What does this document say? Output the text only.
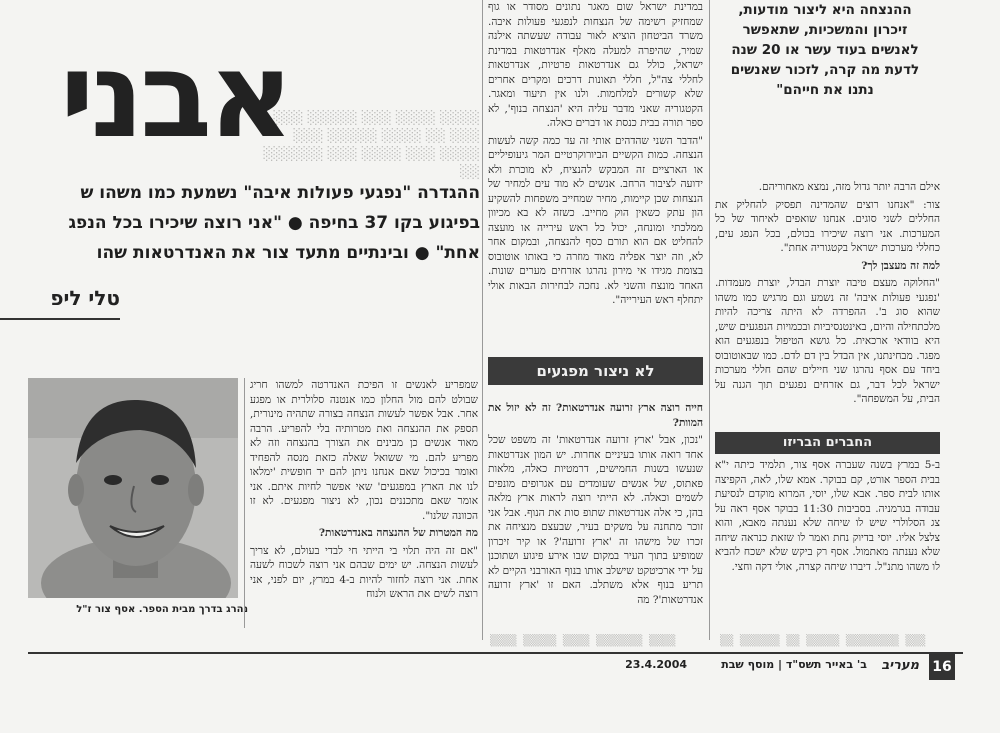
░░░ ░░░░░ ░░░ ░░░░ ░░░░ ░░░ ░░░░░ ░░░░ ░░ ░░░ ░░░░░░ ░░░ ░░░░ ░░░ ░░░░ ░░
אבני
ההגדרה "נפגעי פעולות איבה" נשמעת כמו משהו ש
בפיגוע בקו 37 בחיפה ● "אני רוצה שיכירו בכל הנפג
אחת" ● ובינתיים מתעד צור את האנדרטאות שהו
טלי ליפ
נהרג בדרך מבית הספר. אסף צור ז"ל
ההנצחה היא ליצור מודעות, זיכרון והמשכיות, שתאפשר לאנשים בעוד עשר או 20 שנה לדעת מה קרה, לזכור שאנשים נתנו את חייהם"

שמפריע לאנשים זו הפיכת האנדרטה למשהו חריג שבולט להם מול החלון כמו אנטנה סלולרית או מפגע אחר. אבל אפשר לעשות הנצחה בצורה שתהיה מינורית, תספק את ההנצחה ואת מטרותיה בלי להפריע. הרבה מאוד אנשים כן מבינים את הצורך בהנצחה וזה לא מפריע להם. מי ששואל שאלה כזאת מנסה להפחיד ואומר בכיכול שאם אנחנו ניתן להם יד חופשית 'ימלאו לנו את הארץ במפגעים' שאי אפשר לחיות איתם. אני אומר שאם מתכננים נכון, לא ניצור מפגעים. לא זו הכוונה שלנו".

מה המטרות של ההנצחה באנדרטאות?

"אם זה היה תלוי בי הייתי חי לבדי בעולם, לא צריך לעשות הנצחה. יש ימים שבהם אני רוצה לשכוח לשעה אחת. אני רוצה לחזור להיות ב-4 במרץ, יום לפני, אני רוצה לשים את הראש ולנוח

במדינת ישראל שום מאגר נתונים מסודר או גוף שמחזיק רשימה של הנצחות לנפגעי פעולות איבה. משרד הביטחון הוציא לאור עבודה שעשתה אילנה שמיר, שהיפרה למעלה מאלף אנדרטאות במדינת ישראל, כולל גם אנדרטאות פרטיות, אנדרטאות לחללי צה"ל, חללי תאונות דרכים ומקרים אחרים שלא קשורים למלחמות. ולנו אין תיעוד ומאגר. הקטגוריה שאני מדבר עליה היא 'הנצחה בנוף', לא ספר תורה בבית כנסת או דברים כאלה.

"הדבר השני שהדהים אותי זה עד כמה קשה לעשות הנצחה. כמות הקשיים הביורוקרטיים המר גיעופיליים או הארציים זה המבקש להנציח, לא מוכרת ולא ידועה לציבור הרחב. אנשים לא מוד עים למחיר של הנצחות שכן קיימות, מחיר שמחייב משפחות להשקיע הון עתק כשאין הוק מחייב. כשזה לא בא מכיוון ממלכתי ומונחה, יכול כל ראש עירייה או מועצה להחליט אם הוא תורם כסף להנצחה, ובמקום אחר לא, וזה יוצר אפליה מאוד מוזרה כי באותו אוטובוס בצומת מגידו אי מירון נהרגו אזרחים מערים שונות. האחד מונצח והשני לא. נחכה לבחירות הבאות אולי יתחלף ראש העירייה".

לא ניצור מפגעים

חייה רוצה ארץ זרועה אנדרטאות? זה לא יזול את המוות?

"נכון, אבל 'ארץ זרועה אנדרטאות' זה משפט שכל אחד רואה אותו בעיניים אחרות. יש המון אנדרטאות שנעשו בשנות החמישים, דרמטיות כאלה, מלאות פאתוס, של אנשים שעומדים עם אגרופים מונפים לשמים וכאלה. לא הייתי רוצה לראות ארץ מלאה בהן, כי אלה אנדרטאות שתופ סות את הנוף. אבל אני זוכר מתחנה על משקים בעיר, שבעצם מנציחה את זכרו של מישהו זה 'ארץ זרועה'? או קיר זיכרון שמופיע בתוך העיר במקום שבו אירע פיגוע ושתוכנן על ידי ארכיטקט שישלב אותו בנוף האורבני הקיים לא תריע בנוף אלא משתלב. האם זו 'ארץ זרועה אנדרטאות'? מה

אילם הרבה יותר גדול מזה, נמצא מאחוריהם.

צור: "אנחנו רוצים שהמדינה תפסיק להחליק את החללים לשני סוגים. אנחנו שואפים לאיחוד של כל המערכות. אני רוצה שיכירו בכולם, בכל הנפג עים, כחללי מערכות ישראל בקטגוריה אחת".

למה זה מעצבן לך?

"החלוקה מעצם טיבה יוצרת הבדל, יוצרת מעמדות. 'נפגעי פעולות איבה' זה נשמע וגם מרגיש כמו משהו שהוא סוג ב'. ההפרדה לא היתה צריכה להיות מלכתחילה והיום, באינטנסיביות ובכמויות הנפגעים שיש, היא בוודאי ארכאית. כל גושא הטיפול בנפגעים הוא מפגר. מבחינתנו, אין הבדל בין דם לדם. כמו שבאוטובוס ביחד עם אסף נהרגו שני חיילים שהם חללי מערכות ישראל לכל דבר, גם אזרחים נפגעים תוך הגנה על הבית, על המשפחה".

החברים הבריזו

ב-5 במרץ בשנה שעברה אסף צור, תלמיד כיתה י"א בבית הספר אורט, קם בבוקר. אמא שלו, לאה, הקפיצה אותו לבית ספר. אבא שלו, יוסי, המרוא מוקדם לנסיעת עבודה בגרמניה. בסביבות 11:30 בבוקר אסף ראה על צג הסלולרי שיש לו שיחה שלא נענתה מאבא, והוא צלצל אליו. יוסי בדיוק נחת ואמר לו שזאת כנראה שיחה שלא נענתה מאתמול. אסף רק ביקש שלא ישכח להביא לו משהו מתנ"ל. דיברו שיחה קצרה, אולי דקה וחצי.

▒▒ ▒▒▒▒▒▒ ▒▒ ▒▒▒▒▒ ▒▒▒▒▒▒▒▒ ▒▒▒
▒▒▒▒ ▒▒▒▒▒ ▒▒▒▒ ▒▒▒▒▒▒▒ ▒▒▒▒
16
מעריב
ב' באייר תשס"ד | מוסף שבת
23.4.2004
